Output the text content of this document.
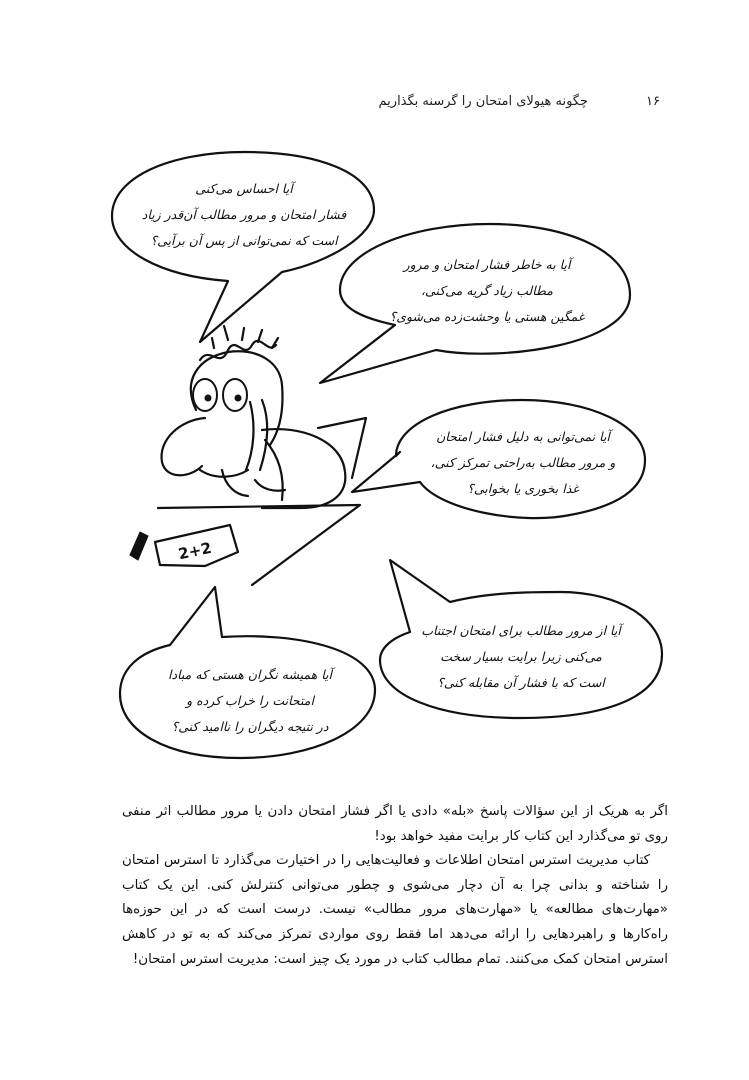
۱۶
چگونه هیولای امتحان را گرسنه بگذاریم
2+2
آیا احساس می‌کنی
فشار امتحان و مرور مطالب آن‌قدر زیاد
است که نمی‌توانی از پس آن برآیی؟
آیا به خاطر فشار امتحان و مرور
مطالب زیاد گریه می‌کنی،
غمگین هستی یا وحشت‌زده می‌شوی؟
آیا نمی‌توانی به دلیل فشار امتحان
و مرور مطالب به‌راحتی تمرکز کنی،
غذا بخوری یا بخوابی؟
آیا از مرور مطالب برای امتحان اجتناب
می‌کنی زیرا برایت بسیار سخت
است که با فشار آن مقابله کنی؟
آیا همیشه نگران هستی که مبادا
امتحانت را خراب کرده و
در نتیجه دیگران را ناامید کنی؟

اگر به هریک از این سؤالات پاسخ «بله» دادی یا اگر فشار امتحان دادن یا مرور مطالب اثر منفی روی تو می‌گذارد این کتاب کار برایت مفید خواهد بود!

کتاب مدیریت استرس امتحان اطلاعات و فعالیت‌هایی را در اختیارت می‌گذارد تا استرس امتحان را شناخته و بدانی چرا به آن دچار می‌شوی و چطور می‌توانی کنترلش کنی. این یک کتاب «مهارت‌های مطالعه» یا «مهارت‌های مرور مطالب» نیست. درست است که در این حوزه‌ها راه‌کارها و راهبردهایی را ارائه می‌دهد اما فقط روی مواردی تمرکز می‌کند که به تو در کاهش استرس امتحان کمک می‌کنند. تمام مطالب کتاب در مورد یک چیز است: مدیریت استرس امتحان!
